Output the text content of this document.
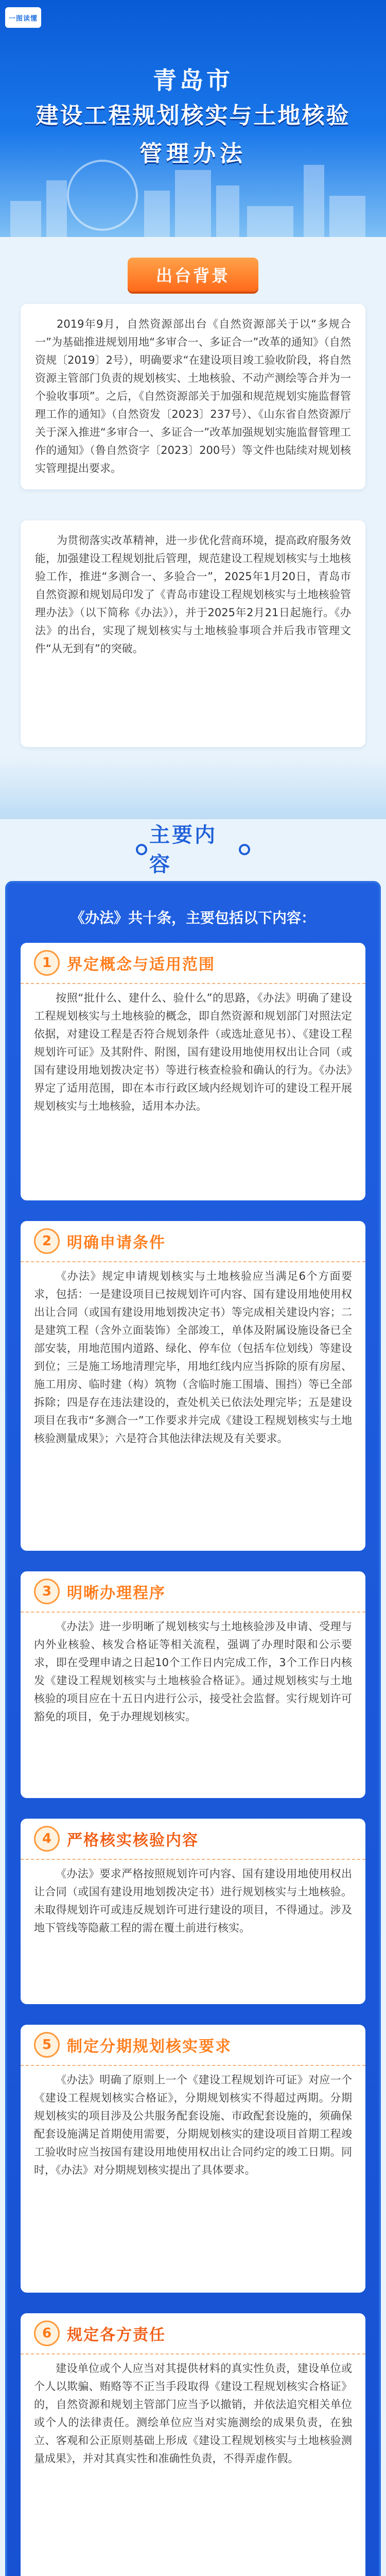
一图读懂
青岛市
建设工程规划核实与土地核验
管理办法
出台背景

2019年9月，自然资源部出台《自然资源部关于以“多规合一”为基础推进规划用地“多审合一、多证合一”改革的通知》（自然资规〔2019〕2号），明确要求“在建设项目竣工验收阶段，将自然资源主管部门负责的规划核实、土地核验、不动产测绘等合并为一个验收事项”。之后，《自然资源部关于加强和规范规划实施监督管理工作的通知》（自然资发〔2023〕237号）、《山东省自然资源厅关于深入推进“多审合一、多证合一”改革加强规划实施监督管理工作的通知》（鲁自然资字〔2023〕200号）等文件也陆续对规划核实管理提出要求。

为贯彻落实改革精神，进一步优化营商环境，提高政府服务效能，加强建设工程规划批后管理，规范建设工程规划核实与土地核验工作，推进“多测合一、多验合一”，2025年1月20日，青岛市自然资源和规划局印发了《青岛市建设工程规划核实与土地核验管理办法》（以下简称《办法》），并于2025年2月21日起施行。《办法》的出台，实现了规划核实与土地核验事项合并后我市管理文件“从无到有”的突破。

主要内容
《办法》共十条，主要包括以下内容：
1 界定概念与适用范围

按照“批什么、建什么、验什么”的思路，《办法》明确了建设工程规划核实与土地核验的概念，即自然资源和规划部门对照法定依据，对建设工程是否符合规划条件（或选址意见书）、《建设工程规划许可证》及其附件、附图，国有建设用地使用权出让合同（或国有建设用地划拨决定书）等进行核查检验和确认的行为。《办法》界定了适用范围，即在本市行政区域内经规划许可的建设工程开展规划核实与土地核验，适用本办法。

2 明确申请条件

《办法》规定申请规划核实与土地核验应当满足6个方面要求，包括：一是建设项目已按规划许可内容、国有建设用地使用权出让合同（或国有建设用地划拨决定书）等完成相关建设内容；二是建筑工程（含外立面装饰）全部竣工，单体及附属设施设备已全部安装，用地范围内道路、绿化、停车位（包括车位划线）等建设到位；三是施工场地清理完毕，用地红线内应当拆除的原有房屋、施工用房、临时建（构）筑物（含临时施工围墙、围挡）等已全部拆除；四是存在违法建设的，查处机关已依法处理完毕；五是建设项目在我市“多测合一”工作要求并完成《建设工程规划核实与土地核验测量成果》；六是符合其他法律法规及有关要求。

3 明晰办理程序

《办法》进一步明晰了规划核实与土地核验涉及申请、受理与内外业核验、核发合格证等相关流程，强调了办理时限和公示要求，即在受理申请之日起10个工作日内完成工作，3个工作日内核发《建设工程规划核实与土地核验合格证》。通过规划核实与土地核验的项目应在十五日内进行公示，接受社会监督。实行规划许可豁免的项目，免于办理规划核实。

4 严格核实核验内容

《办法》要求严格按照规划许可内容、国有建设用地使用权出让合同（或国有建设用地划拨决定书）进行规划核实与土地核验。未取得规划许可或违反规划许可进行建设的项目，不得通过。涉及地下管线等隐蔽工程的需在覆土前进行核实。

5 制定分期规划核实要求

《办法》明确了原则上一个《建设工程规划许可证》对应一个《建设工程规划核实合格证》，分期规划核实不得超过两期。分期规划核实的项目涉及公共服务配套设施、市政配套设施的，须确保配套设施满足首期使用需要，分期规划核实的建设项目首期工程竣工验收时应当按国有建设用地使用权出让合同约定的竣工日期。同时，《办法》对分期规划核实提出了具体要求。

6 规定各方责任

建设单位或个人应当对其提供材料的真实性负责，建设单位或个人以欺骗、贿赂等不正当手段取得《建设工程规划核实合格证》的，自然资源和规划主管部门应当予以撤销，并依法追究相关单位或个人的法律责任。测绘单位应当对实施测绘的成果负责，在独立、客观和公正原则基础上形成《建设工程规划核实与土地核验测量成果》，并对其真实性和准确性负责，不得弄虚作假。
